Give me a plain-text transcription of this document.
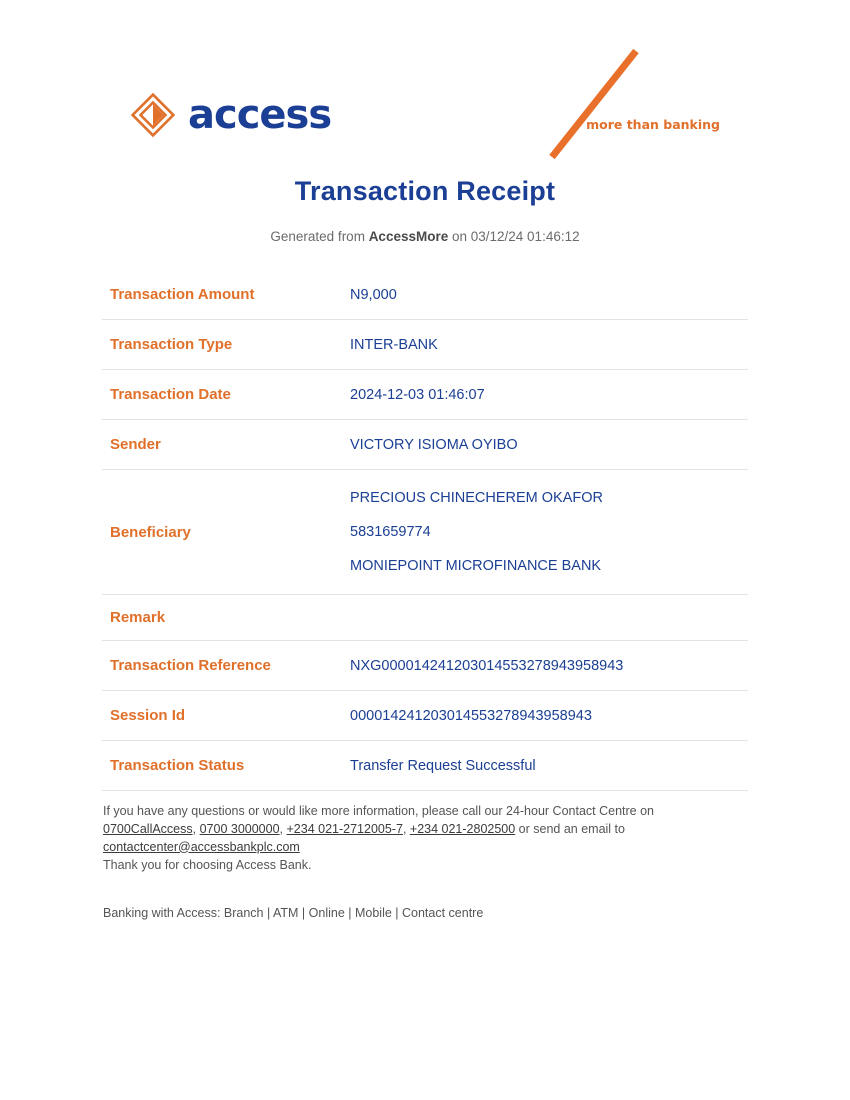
access	more than banking
Transaction Receipt
Generated from AccessMore on 03/12/24 01:46:12
Transaction Amount	N9,000
Transaction Type	INTER-BANK
Transaction Date	2024-12-03 01:46:07
Sender	VICTORY ISIOMA OYIBO
Beneficiary	PRECIOUS CHINECHEREM OKAFOR
5831659774
MONIEPOINT MICROFINANCE BANK

Remark	
Transaction Reference	NXG000014241203014553278943958943
Session Id	000014241203014553278943958943
Transaction Status	Transfer Request Successful
If you have any questions or would like more information, please call our 24-hour Contact Centre on 0700CallAccess, 0700 3000000, +234 021-2712005-7, +234 021-2802500 or send an email to contactcenter@accessbankplc.com
Thank you for choosing Access Bank.
Banking with Access: Branch | ATM | Online | Mobile | Contact centre
